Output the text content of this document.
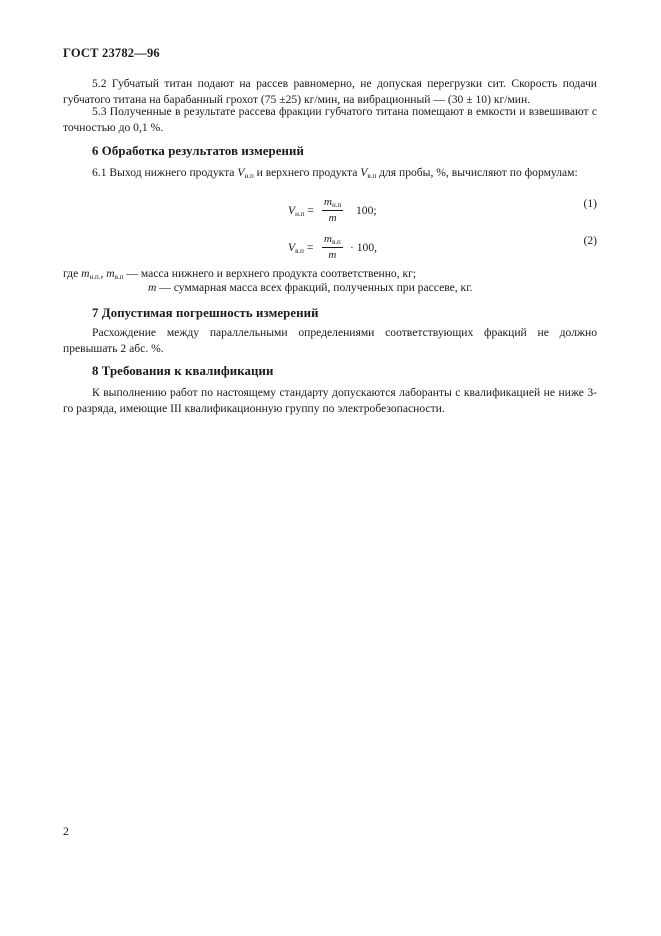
ГОСТ 23782—96
5.2 Губчатый титан подают на рассев равномерно, не допуская перегрузки сит. Скорость подачи губчатого титана на барабанный грохот (75 ±25) кг/мин, на вибрационный — (30 ± 10) кг/мин.
5.3 Полученные в результате рассева фракции губчатого титана помещают в емкости и взвешивают с точностью до 0,1 %.
6 Обработка результатов измерений
6.1 Выход нижнего продукта $V_{н.п}$ и верхнего продукта $V_{в.п}$ для пробы, %, вычисляют по формулам:
$V_{н.п}$ =
$m_{н.п}$
m
100;
(1)
$V_{в.п}$ =
$m_{в.п}$
m
· 100,
(2)
где $m_{н.п.}$, $m_{в.п}$ — масса нижнего и верхнего продукта соответственно, кг;
m — суммарная масса всех фракций, полученных при рассеве, кг.
7 Допустимая погрешность измерений
Расхождение между параллельными определениями соответствующих фракций не должно превышать 2 абс. %.
8 Требования к квалификации
К выполнению работ по настоящему стандарту допускаются лаборанты с квалификацией не ниже 3-го разряда, имеющие III квалификационную группу по электробезопасности.
2
